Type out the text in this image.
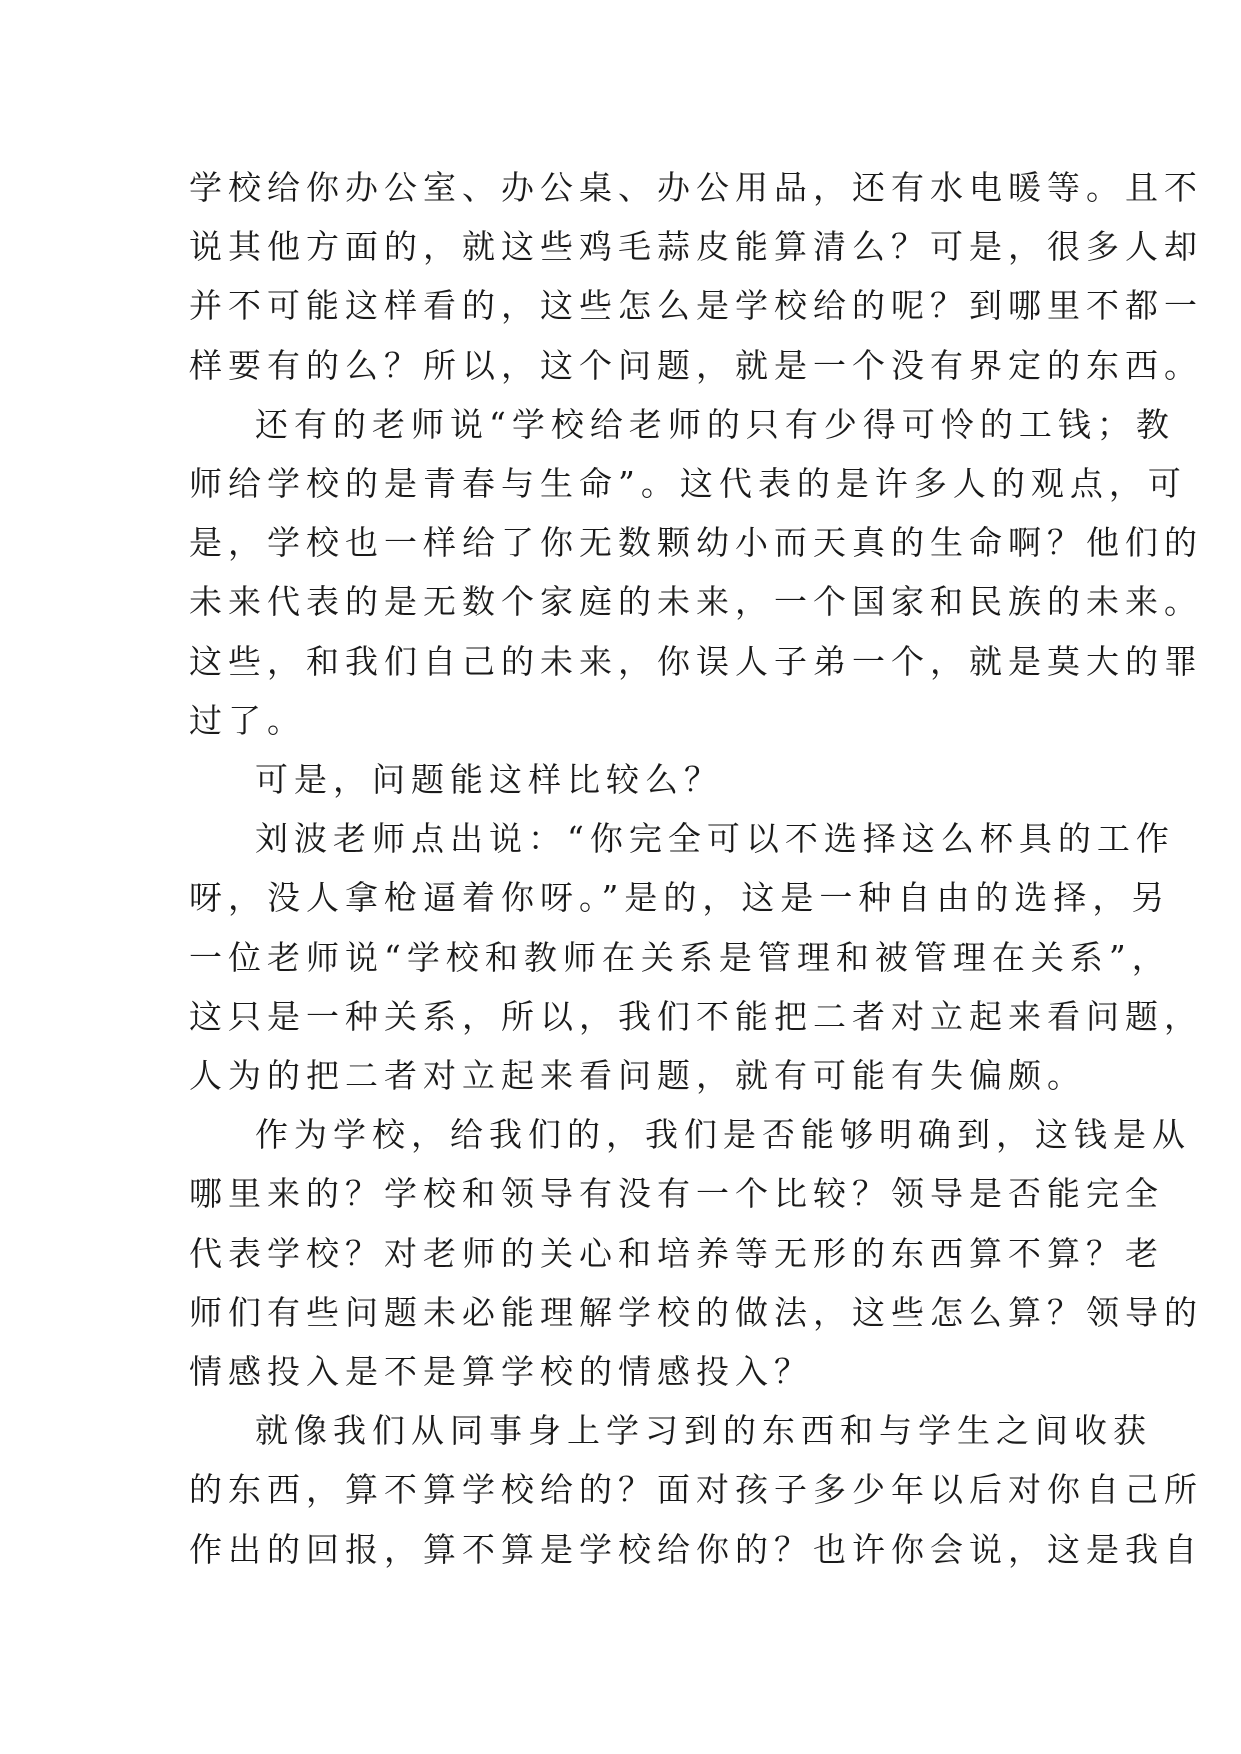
学校给你办公室、办公桌、办公用品，还有水电暖等。且不
说其他方面的，就这些鸡毛蒜皮能算清么？可是，很多人却
并不可能这样看的，这些怎么是学校给的呢？到哪里不都一
样要有的么？所以，这个问题，就是一个没有界定的东西。

还有的老师说“学校给老师的只有少得可怜的工钱；教
师给学校的是青春与生命”。这代表的是许多人的观点，可
是，学校也一样给了你无数颗幼小而天真的生命啊？他们的
未来代表的是无数个家庭的未来，一个国家和民族的未来。
这些，和我们自己的未来，你误人子弟一个，就是莫大的罪
过了。

可是，问题能这样比较么？

刘波老师点出说：“你完全可以不选择这么杯具的工作
呀，没人拿枪逼着你呀。”是的，这是一种自由的选择，另
一位老师说“学校和教师在关系是管理和被管理在关系”，
这只是一种关系，所以，我们不能把二者对立起来看问题，
人为的把二者对立起来看问题，就有可能有失偏颇。

作为学校，给我们的，我们是否能够明确到，这钱是从
哪里来的？学校和领导有没有一个比较？领导是否能完全
代表学校？对老师的关心和培养等无形的东西算不算？老
师们有些问题未必能理解学校的做法，这些怎么算？领导的
情感投入是不是算学校的情感投入？

就像我们从同事身上学习到的东西和与学生之间收获
的东西，算不算学校给的？面对孩子多少年以后对你自己所
作出的回报，算不算是学校给你的？也许你会说，这是我自
